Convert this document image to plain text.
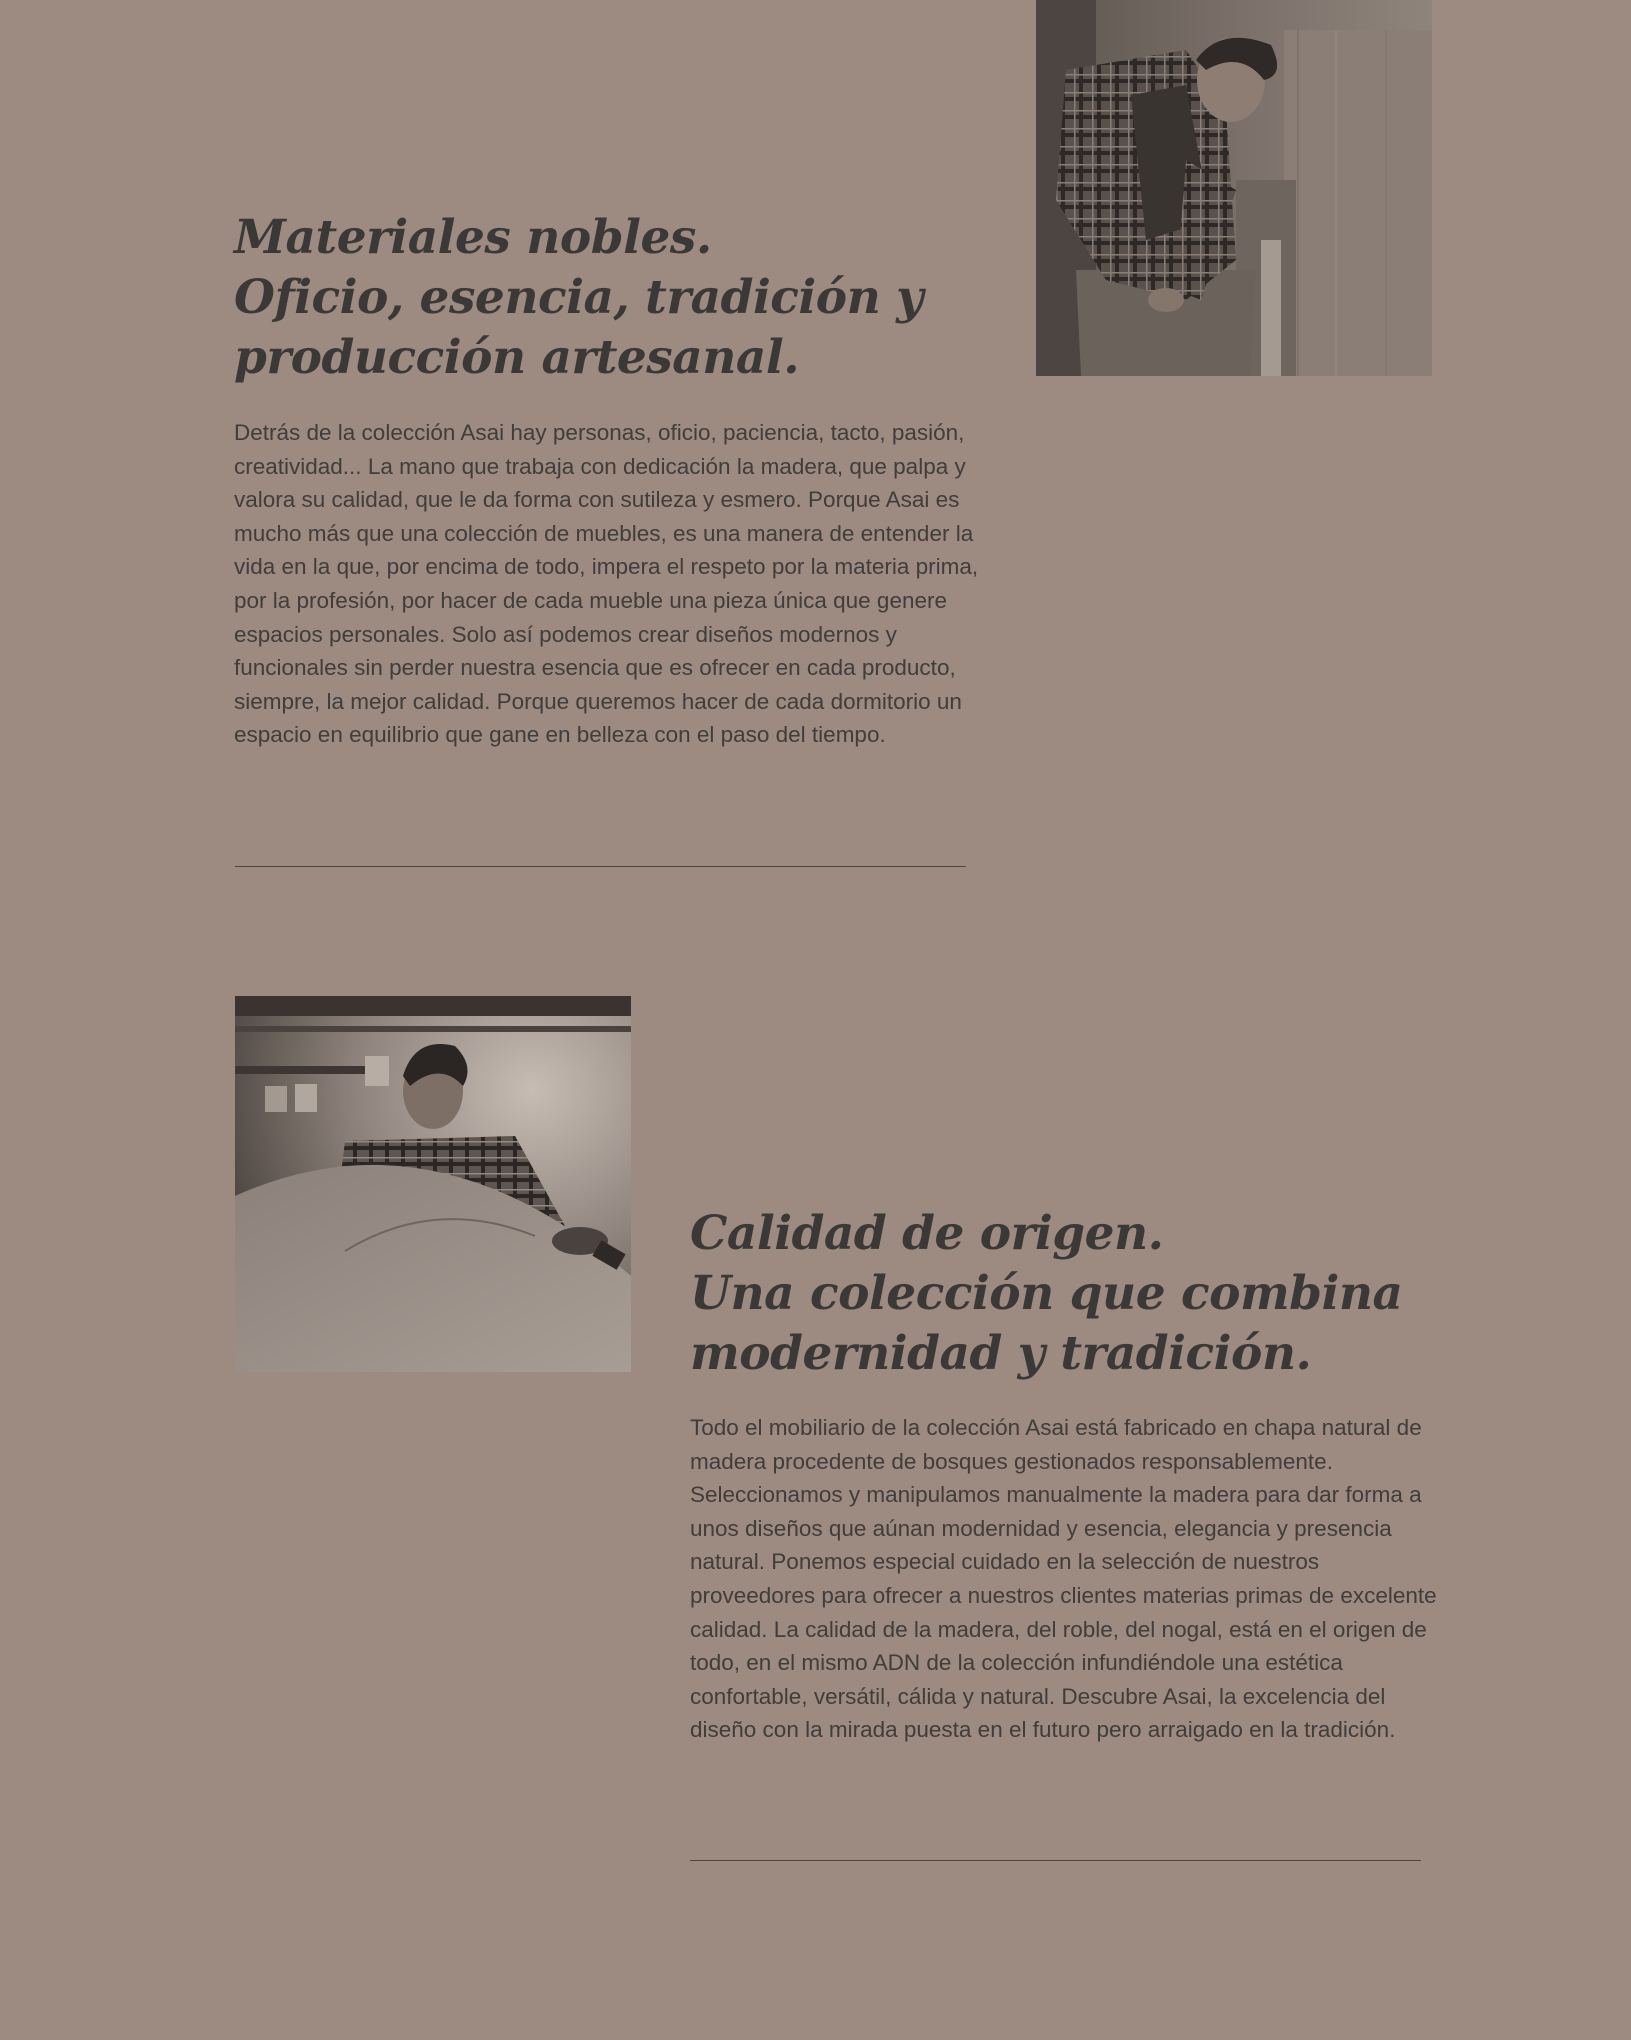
Materiales nobles.
Oficio, esencia, tradición y
producción artesanal.

Detrás de la colección Asai hay personas, oficio, paciencia, tacto, pasión, creatividad... La mano que trabaja con dedicación la madera, que palpa y valora su calidad, que le da forma con sutileza y esmero. Porque Asai es mucho más que una colección de muebles, es una manera de entender la vida en la que, por encima de todo, impera el respeto por la materia prima, por la profesión, por hacer de cada mueble una pieza única que genere espacios personales. Solo así podemos crear diseños modernos y funcionales sin perder nuestra esencia que es ofrecer en cada producto, siempre, la mejor calidad. Porque queremos hacer de cada dormitorio un espacio en equilibrio que gane en belleza con el paso del tiempo.

Calidad de origen.
Una colección que combina
modernidad y tradición.

Todo el mobiliario de la colección Asai está fabricado en chapa natural de madera procedente de bosques gestionados responsablemente. Seleccionamos y manipulamos manualmente la madera para dar forma a unos diseños que aúnan modernidad y esencia, elegancia y presencia natural. Ponemos especial cuidado en la selección de nuestros proveedores para ofrecer a nuestros clientes materias primas de excelente calidad. La calidad de la madera, del roble, del nogal, está en el origen de todo, en el mismo ADN de la colección infundiéndole una estética confortable, versátil, cálida y natural. Descubre Asai, la excelencia del diseño con la mirada puesta en el futuro pero arraigado en la tradición.
